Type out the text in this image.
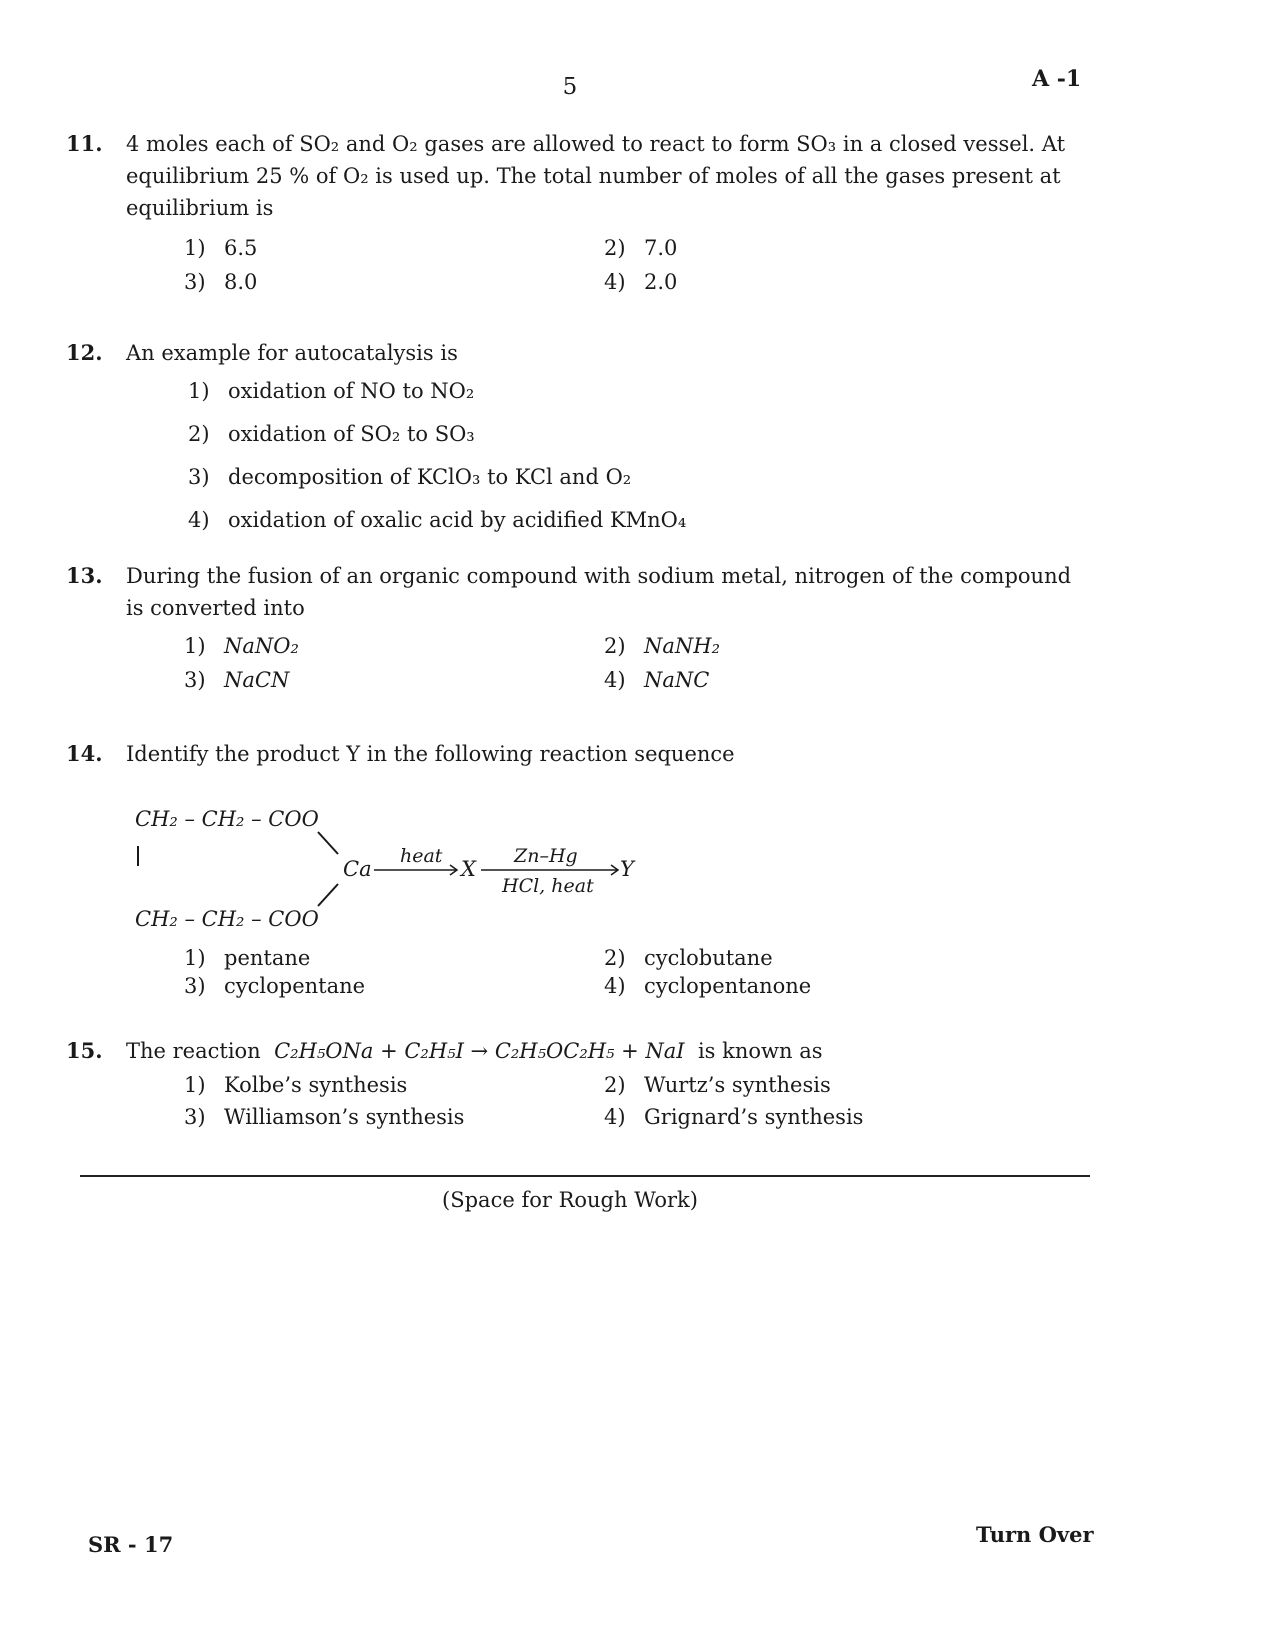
5	A -1
11.	4 moles each of SO₂ and O₂ gases are allowed to react to form SO₃ in a closed vessel. At equilibrium 25 % of O₂ is used up. The total number of moles of all the gases present at equilibrium is
1) 6.5	2) 7.0
3) 8.0	4) 2.0
12.	An example for autocatalysis is
1) oxidation of NO to NO₂
2) oxidation of SO₂ to SO₃
3) decomposition of KClO₃ to KCl and O₂
4) oxidation of oxalic acid by acidified KMnO₄
13.	During the fusion of an organic compound with sodium metal, nitrogen of the compound is converted into
1) NaNO₂	2) NaNH₂
3) NaCN	4) NaNC
14.	Identify the product Y in the following reaction sequence
CH₂ – CH₂ – COO
CH₂ – CH₂ – COO
Ca
heat
X
Zn–Hg
HCl, heat
Y
1) pentane	2) cyclobutane
3) cyclopentane	4) cyclopentanone
15.	The reaction C₂H₅ONa + C₂H₅I → C₂H₅OC₂H₅ + NaI is known as
1) Kolbe’s synthesis	2) Wurtz’s synthesis
3) Williamson’s synthesis	4) Grignard’s synthesis
(Space for Rough Work)
SR - 17	Turn Over
